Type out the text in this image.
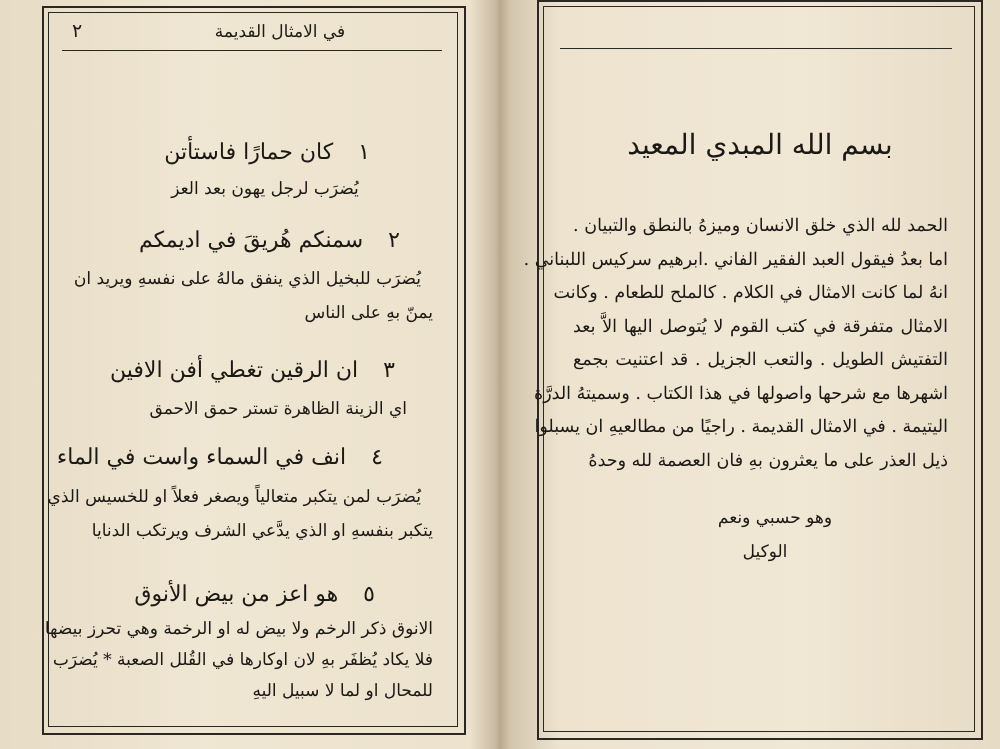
٢	في الامثال القديمة
١ كان حمارًا فاستأتن
يُضرَب لرجل يهون بعد العز
٢ سمنكم هُريقَ في اديمكم
يُضرَب للبخيل الذي ينفق مالهُ على نفسهِ ويريد ان
يمنّ بهِ على الناس
٣ ان الرقين تغطي أفن الافين
اي الزينة الظاهرة تستر حمق الاحمق
٤ انف في السماء واست في الماء
يُضرَب لمن يتكبر متعالياً ويصغر فعلاً او للخسيس الذي
يتكبر بنفسهِ او الذي يدَّعي الشرف ويرتكب الدنايا
٥ هو اعز من بيض الأنوق
الانوق ذكر الرخم ولا بيض له او الرخمة وهي تحرز بيضها
فلا يكاد يُظفَر بهِ لان اوكارها في القُلل الصعبة * يُضرَب
للمحال او لما لا سبيل اليهِ
بسم الله المبدي المعيد
الحمد لله الذي خلق الانسان وميزهُ بالنطق والتبيان .
اما بعدُ فيقول العبد الفقير الفاني .ابرهيم سركيس اللبناني .
انهُ لما كانت الامثال في الكلام . كالملح للطعام . وكانت
الامثال متفرقة في كتب القوم لا يُتوصل اليها الاَّ بعد
التفتيش الطويل . والتعب الجزيل . قد اعتنيت بجمع
اشهرها مع شرحها واصولها في هذا الكتاب . وسميتهُ الدرَّة
اليتيمة . في الامثال القديمة . راجيًا من مطالعيهِ ان يسبلوا
ذيل العذر على ما يعثرون بهِ فان العصمة لله وحدهُ
وهو حسبي ونعم
الوكيل
